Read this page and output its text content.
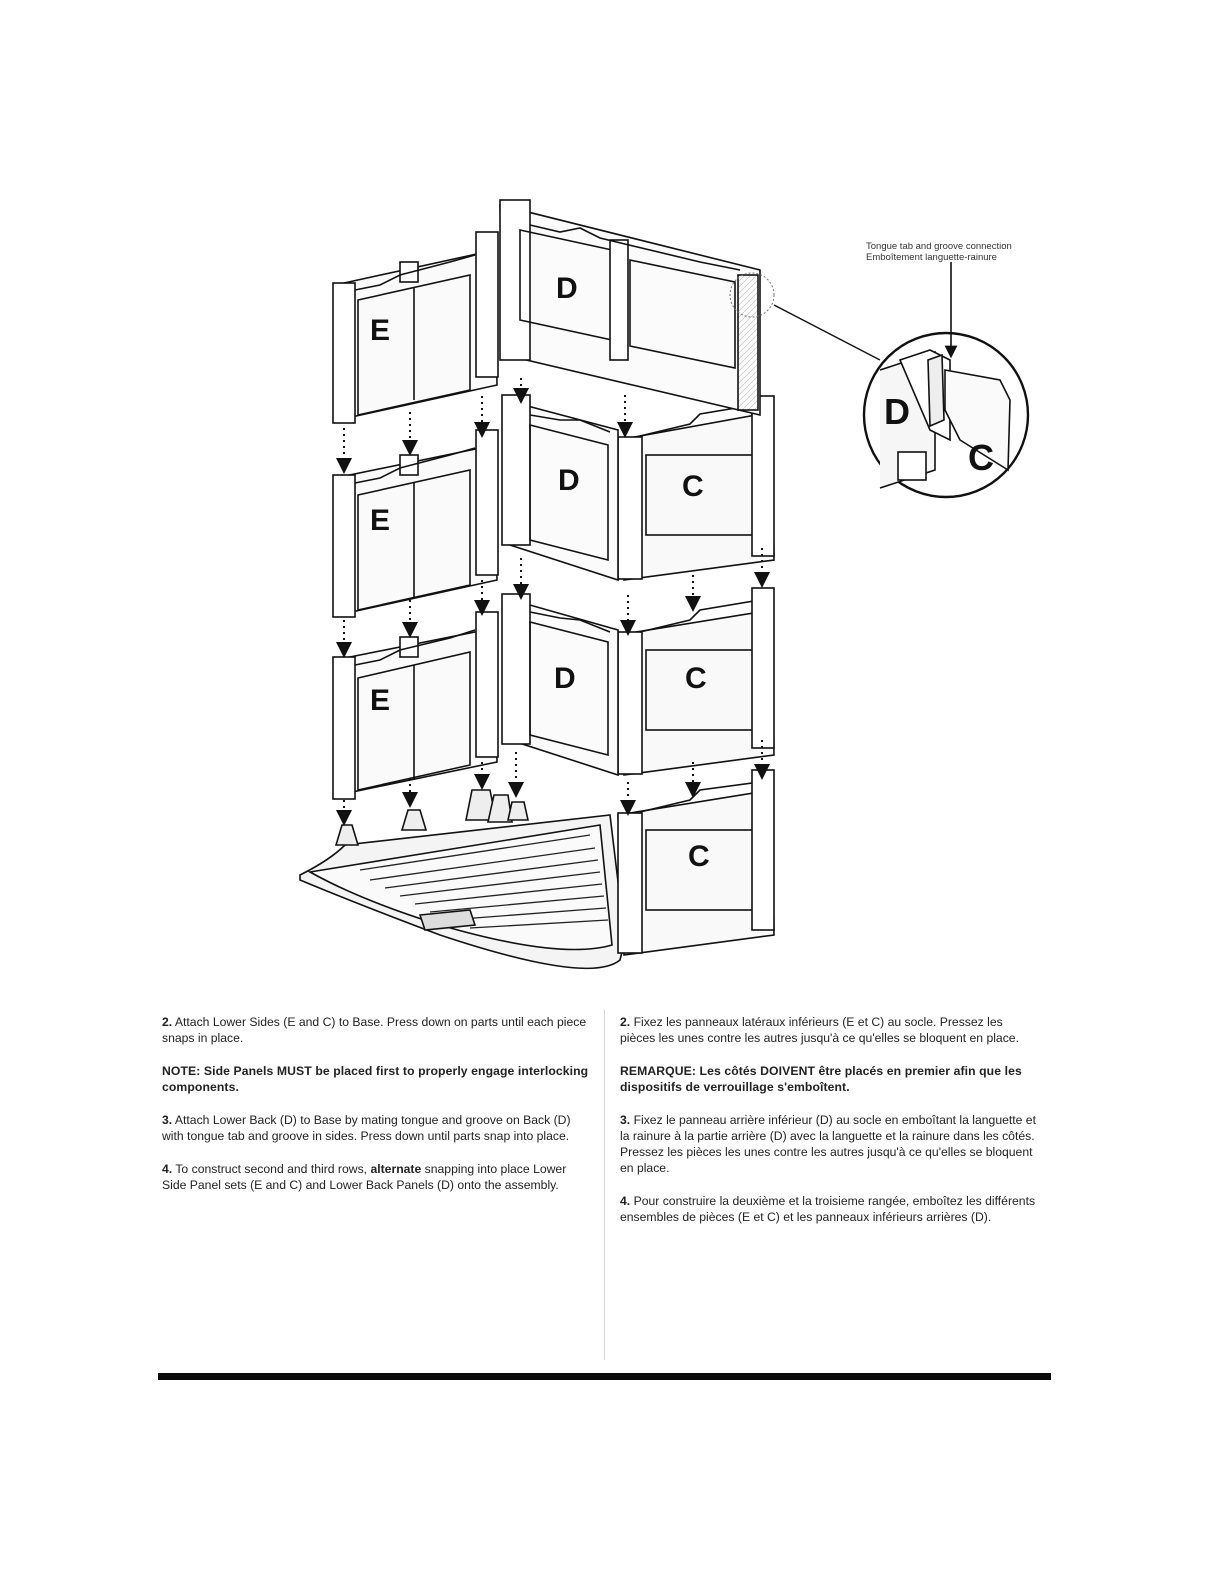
E
E
E
D
D
D
C
C
C
D
C
Tongue tab and groove connection
Emboîtement languette-rainure

2. Attach Lower Sides (E and C) to Base. Press down on parts until each piece snaps in place.

NOTE: Side Panels MUST be placed first to properly engage interlocking components.

3. Attach Lower Back (D) to Base by mating tongue and groove on Back (D) with tongue tab and groove in sides. Press down until parts snap into place.

4. To construct second and third rows, alternate snapping into place Lower Side Panel sets (E and C) and Lower Back Panels (D) onto the assembly.

2. Fixez les panneaux latéraux inférieurs (E et C) au socle. Pressez les pièces les unes contre les autres jusqu'à ce qu'elles se bloquent en place.

REMARQUE: Les côtés DOIVENT être placés en premier afin que les dispositifs de verrouillage s'emboîtent.

3. Fixez le panneau arrière inférieur (D) au socle en emboîtant la languette et la rainure à la partie arrière (D) avec la languette et la rainure dans les côtés. Pressez les pièces les unes contre les autres jusqu'à ce qu'elles se bloquent en place.

4. Pour construire la deuxième et la troisieme rangée, emboîtez les différents ensembles de pièces (E et C) et les panneaux inférieurs arrières (D).
